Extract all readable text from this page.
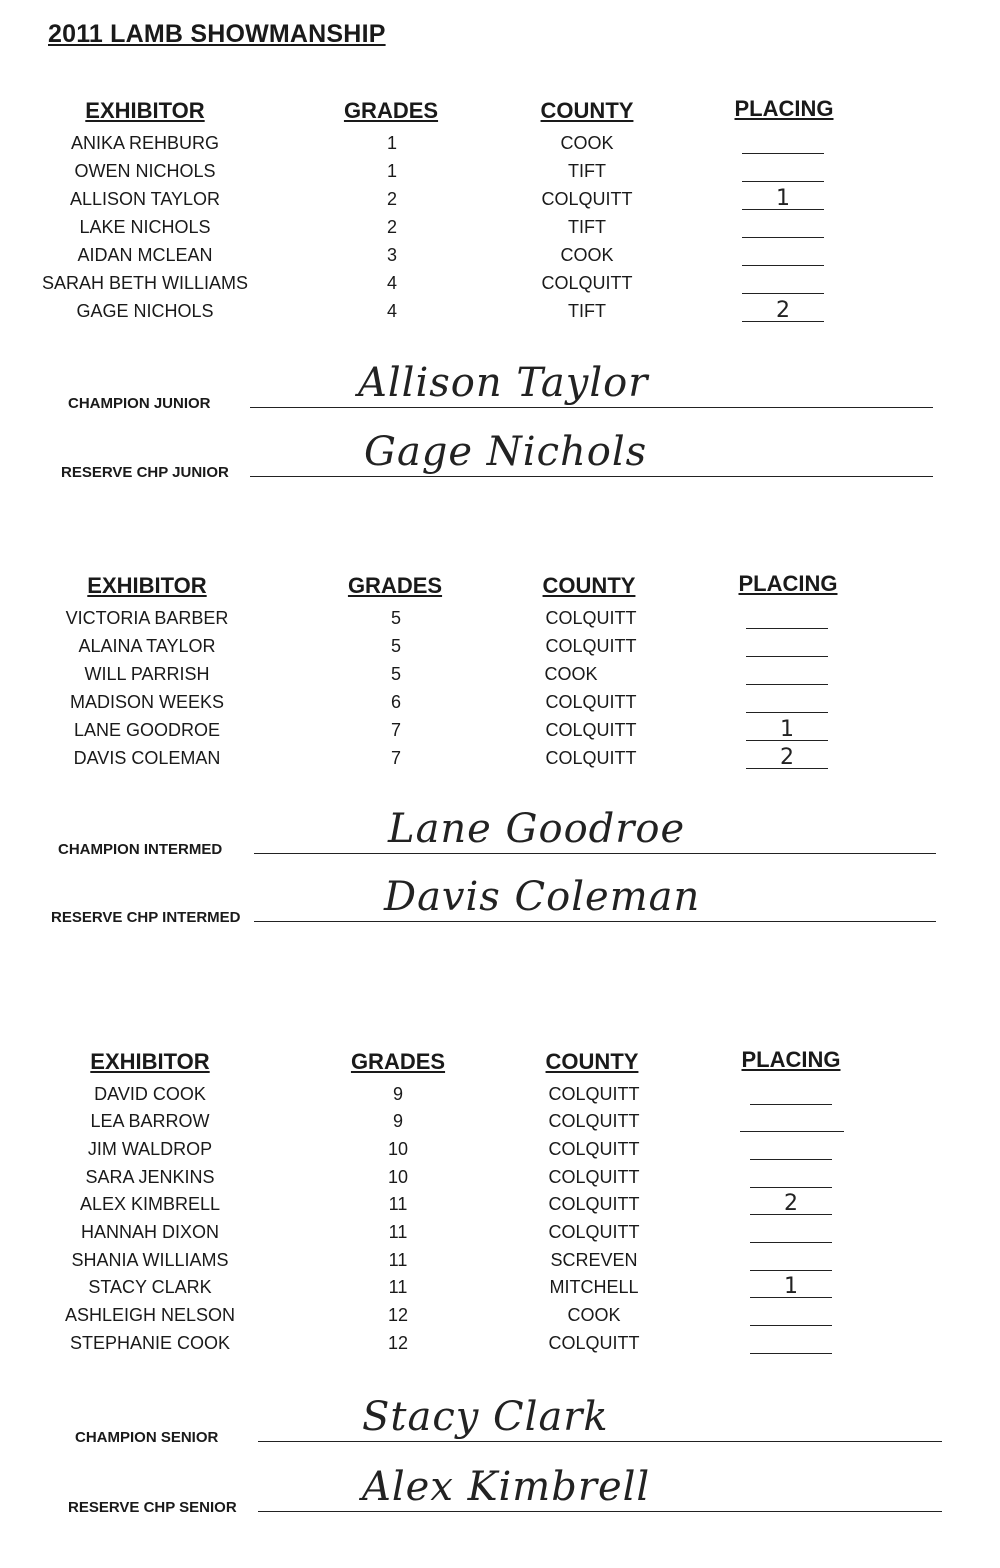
2011 LAMB SHOWMANSHIP
EXHIBITOR	GRADES	COUNTY	PLACING
ANIKA REHBURG	1	COOK
OWEN NICHOLS	1	TIFT
ALLISON TAYLOR	2	COLQUITT	1
LAKE NICHOLS	2	TIFT
AIDAN MCLEAN	3	COOK
SARAH BETH WILLIAMS	4	COLQUITT
GAGE NICHOLS	4	TIFT	2
CHAMPION JUNIOR	Allison Taylor
RESERVE CHP JUNIOR	Gage Nichols
EXHIBITOR	GRADES	COUNTY	PLACING
VICTORIA BARBER	5	COLQUITT
ALAINA TAYLOR	5	COLQUITT
WILL PARRISH	5	COOK
MADISON WEEKS	6	COLQUITT
LANE GOODROE	7	COLQUITT	1
DAVIS COLEMAN	7	COLQUITT	2
CHAMPION INTERMED	Lane Goodroe
RESERVE CHP INTERMED	Davis Coleman
EXHIBITOR	GRADES	COUNTY	PLACING
DAVID COOK	9	COLQUITT
LEA BARROW	9	COLQUITT
JIM WALDROP	10	COLQUITT
SARA JENKINS	10	COLQUITT
ALEX KIMBRELL	11	COLQUITT	2
HANNAH DIXON	11	COLQUITT
SHANIA WILLIAMS	11	SCREVEN
STACY CLARK	11	MITCHELL	1
ASHLEIGH NELSON	12	COOK
STEPHANIE COOK	12	COLQUITT
CHAMPION SENIOR	Stacy Clark
RESERVE CHP SENIOR	Alex Kimbrell
